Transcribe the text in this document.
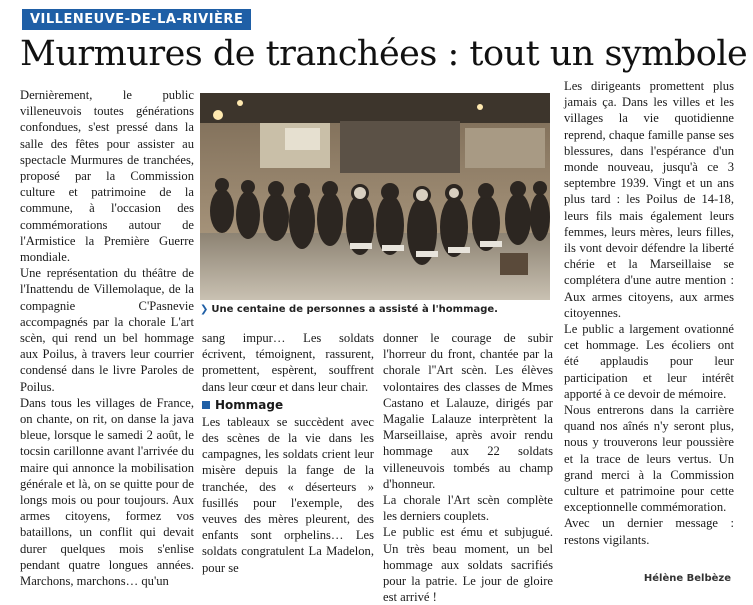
VILLENEUVE-DE-LA-RIVIÈRE
Murmures de tranchées : tout un symbole

Dernièrement, le public villeneuvois toutes générations confondues, s'est pressé dans la salle des fêtes pour assister au spectacle Murmures de tranchées, proposé par la Commission culture et patrimoine de la commune, à l'occasion des commémorations autour de l'Armistice la Première Guerre mondiale.

Une représentation du théâtre de l'Inattendu de Villemolaque, de la compagnie C'Pasnevie accompagnés par la chorale L'art scèn, qui rend un bel hommage aux Poilus, à travers leur courrier condensé dans le livre Paroles de Poilus.

Dans tous les villages de France, on chante, on rit, on danse la java bleue, lorsque le samedi 2 août, le tocsin carillonne avant l'arrivée du maire qui annonce la mobilisation générale et là, on se quitte pour de longs mois ou pour toujours. Aux armes citoyens, formez vos bataillons, un conflit qui devait durer quelques mois s'enlise pendant quatre longues années. Marchons, marchons… qu'un

❯ Une centaine de personnes a assisté à l'hommage.

sang impur… Les soldats écrivent, témoignent, rassurent, promettent, espèrent, souffrent dans leur cœur et dans leur chair.

Hommage

Les tableaux se succèdent avec des scènes de la vie dans les campagnes, les soldats crient leur misère depuis la fange de la tranchée, des « déserteurs » fusillés pour l'exemple, des veuves des mères pleurent, des enfants sont orphelins… Les soldats congratulent La Madelon, pour se

donner le courage de subir l'horreur du front, chantée par la chorale l''Art scèn. Les élèves volontaires des classes de Mmes Castano et Lalauze, dirigés par Magalie Lalauze interprètent la Marseillaise, après avoir rendu hommage aux 22 soldats villeneuvois tombés au champ d'honneur.

La chorale l'Art scèn complète les derniers couplets.

Le public est ému et subjugué. Un très beau moment, un bel hommage aux soldats sacrifiés pour la patrie. Le jour de gloire est arrivé !

Les dirigeants promettent plus jamais ça. Dans les villes et les villages la vie quotidienne reprend, chaque famille panse ses blessures, dans l'espérance d'un monde nouveau, jusqu'à ce 3 septembre 1939. Vingt et un ans plus tard : les Poilus de 14-18, leurs fils mais également leurs femmes, leurs mères, leurs filles, ils vont devoir défendre la liberté chérie et la Marseillaise se complétera d'une autre mention : Aux armes citoyens, aux armes citoyennes.

Le public a largement ovationné cet hommage. Les écoliers ont été applaudis pour leur participation et leur intérêt apporté à ce devoir de mémoire.

Nous entrerons dans la carrière quand nos aînés n'y seront plus, nous y trouverons leur poussière et la trace de leurs vertus. Un grand merci à la Commission culture et patrimoine pour cette exceptionnelle commémoration.

Avec un dernier message : restons vigilants.

Hélène Belbèze
